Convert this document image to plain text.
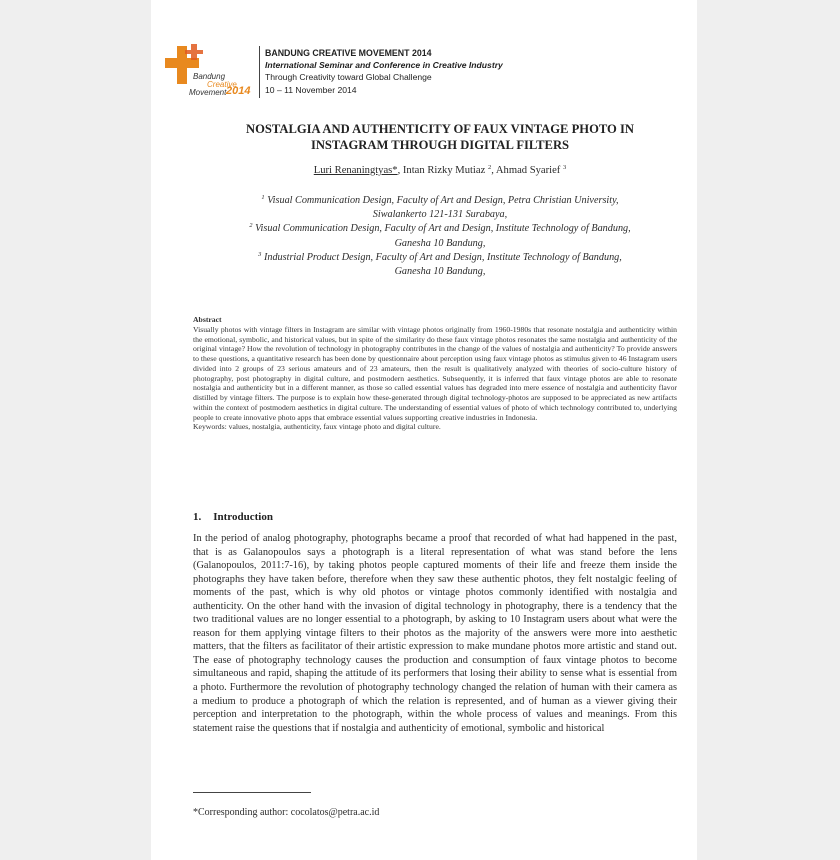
Bandung
Creative
Movement 2014
BANDUNG CREATIVE MOVEMENT 2014
International Seminar and Conference in Creative Industry
Through Creativity toward Global Challenge
10 – 11 November 2014
NOSTALGIA AND AUTHENTICITY OF FAUX VINTAGE PHOTO IN
INSTAGRAM THROUGH DIGITAL FILTERS
Luri Renaningtyas*, Intan Rizky Mutiaz $^2$, Ahmad Syarief $^3$
$^1$ Visual Communication Design, Faculty of Art and Design, Petra Christian University,
Siwalankerto 121-131 Surabaya,
$^2$ Visual Communication Design, Faculty of Art and Design, Institute Technology of Bandung,
Ganesha 10 Bandung,
$^3$ Industrial Product Design, Faculty of Art and Design, Institute Technology of Bandung,
Ganesha 10 Bandung,
Abstract

Visually photos with vintage filters in Instagram are similar with vintage photos originally from 1960-1980s that resonate nostalgia and authenticity within the emotional, symbolic, and historical values, but in spite of the similarity do these faux vintage photos resonates the same nostalgia and authenticity of the original vintage? How the revolution of technology in photography contributes in the change of the values of nostalgia and authenticity? To provide answers to these questions, a quantitative research has been done by questionnaire about perception using faux vintage photos as stimulus given to 46 Instagram users divided into 2 groups of 23 serious amateurs and of 23 amateurs, then the result is qualitatively analyzed with theories of socio-culture history of photography, post photography in digital culture, and postmodern aesthetics. Subsequently, it is inferred that faux vintage photos are able to resonate nostalgia and authenticity but in a different manner, as those so called essential values has degraded into mere essence of nostalgia and authenticity flavor distilled by vintage filters. The purpose is to explain how these-generated through digital technology-photos are supposed to be appreciated as new artifacts within the context of postmodern aesthetics in digital culture. The understanding of essential values of photo of which technology contributed to, underlying people to create innovative photo apps that embrace essential values supporting creative industries in Indonesia.

Keywords: values, nostalgia, authenticity, faux vintage photo and digital culture.

1. Introduction

In the period of analog photography, photographs became a proof that recorded of what had happened in the past, that is as Galanopoulos says a photograph is a literal representation of what was stand before the lens (Galanopoulos, 2011:7-16), by taking photos people captured moments of their life and freeze them inside the photographs they have taken before, therefore when they saw these authentic photos, they felt nostalgic feeling of moments of the past, which is why old photos or vintage photos commonly identified with nostalgia and authenticity. On the other hand with the invasion of digital technology in photography, there is a tendency that the two traditional values are no longer essential to a photograph, by asking to 10 Instagram users about what were the reason for them applying vintage filters to their photos as the majority of the answers were more into aesthetic matters, that the filters as facilitator of their artistic expression to make mundane photos more artistic and stand out. The ease of photography technology causes the production and consumption of faux vintage photos to become simultaneous and rapid, shaping the attitude of its performers that losing their ability to sense what is essential from a photo. Furthermore the revolution of photography technology changed the relation of human with their camera as a medium to produce a photograph of which the relation is represented, and of human as a viewer giving their perception and interpretation to the photograph, within the whole process of values and meanings. From this statement raise the questions that if nostalgia and authenticity of emotional, symbolic and historical

*Corresponding author: cocolatos@petra.ac.id
